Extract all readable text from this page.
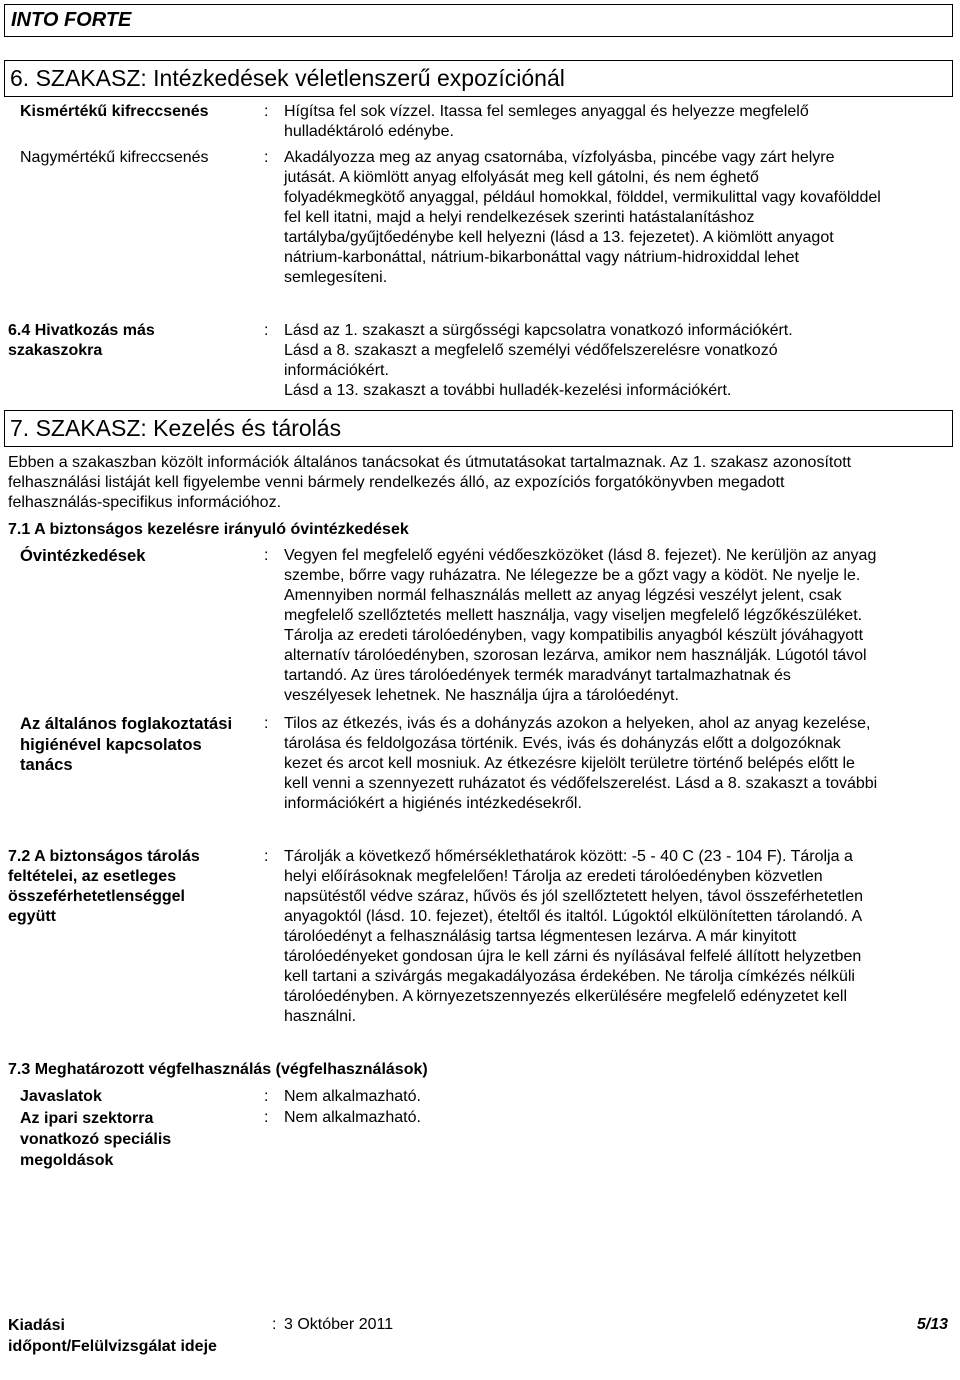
INTO FORTE
6. SZAKASZ: Intézkedések véletlenszerű expozíciónál
Kismértékű kifreccsenés	: Hígítsa fel sok vízzel. Itassa fel semleges anyaggal és helyezze megfelelő
hulladéktároló edénybe.
Nagymértékű kifreccsenés	: Akadályozza meg az anyag csatornába, vízfolyásba, pincébe vagy zárt helyre
jutását. A kiömlött anyag elfolyását meg kell gátolni, és nem éghető
folyadékmegkötő anyaggal, például homokkal, földdel, vermikulittal vagy kovafölddel
fel kell itatni, majd a helyi rendelkezések szerinti hatástalanításhoz
tartályba/gyűjtőedénybe kell helyezni (lásd a 13. fejezetet). A kiömlött anyagot
nátrium-karbonáttal, nátrium-bikarbonáttal vagy nátrium-hidroxiddal lehet
semlegesíteni.
6.4 Hivatkozás más
szakaszokra
: Lásd az 1. szakaszt a sürgősségi kapcsolatra vonatkozó információkért.
Lásd a 8. szakaszt a megfelelő személyi védőfelszerelésre vonatkozó
információkért.
Lásd a 13. szakaszt a további hulladék-kezelési információkért.
7. SZAKASZ: Kezelés és tárolás
Ebben a szakaszban közölt információk általános tanácsokat és útmutatásokat tartalmaznak. Az 1. szakasz azonosított
felhasználási listáját kell figyelembe venni bármely rendelkezés álló, az expozíciós forgatókönyvben megadott
felhasználás-specifikus információhoz.
7.1 A biztonságos kezelésre irányuló óvintézkedések
Óvintézkedések	: Vegyen fel megfelelő egyéni védőeszközöket (lásd 8. fejezet). Ne kerüljön az anyag
szembe, bőrre vagy ruházatra. Ne lélegezze be a gőzt vagy a ködöt. Ne nyelje le.
Amennyiben normál felhasználás mellett az anyag légzési veszélyt jelent, csak
megfelelő szellőztetés mellett használja, vagy viseljen megfelelő légzőkészüléket.
Tárolja az eredeti tárolóedényben, vagy kompatibilis anyagból készült jóváhagyott
alternatív tárolóedényben, szorosan lezárva, amikor nem használják. Lúgotól távol
tartandó. Az üres tárolóedények termék maradványt tartalmazhatnak és
veszélyesek lehetnek. Ne használja újra a tárolóedényt.
Az általános foglakoztatási
higiénével kapcsolatos
tanács
: Tilos az étkezés, ivás és a dohányzás azokon a helyeken, ahol az anyag kezelése,
tárolása és feldolgozása történik. Evés, ivás és dohányzás előtt a dolgozóknak
kezet és arcot kell mosniuk. Az étkezésre kijelölt területre történő belépés előtt le
kell venni a szennyezett ruházatot és védőfelszerelést. Lásd a 8. szakaszt a további
információkért a higiénés intézkedésekről.
7.2 A biztonságos tárolás
feltételei, az esetleges
összeférhetetlenséggel
együtt
: Tárolják a következő hőmérséklethatárok között: -5 - 40 C (23 - 104 F). Tárolja a
helyi előírásoknak megfelelően! Tárolja az eredeti tárolóedényben közvetlen
napsütéstől védve száraz, hűvös és jól szellőztetett helyen, távol összeférhetetlen
anyagoktól (lásd. 10. fejezet), ételtől és italtól. Lúgoktól elkülönítetten tárolandó. A
tárolóedényt a felhasználásig tartsa légmentesen lezárva. A már kinyitott
tárolóedényeket gondosan újra le kell zárni és nyílásával felfelé állított helyzetben
kell tartani a szivárgás megakadályozása érdekében. Ne tárolja címkézés nélküli
tárolóedényben. A környezetszennyezés elkerülésére megfelelő edényzetet kell
használni.
7.3 Meghatározott végfelhasználás (végfelhasználások)
Javaslatok	: Nem alkalmazható.
Az ipari szektorra
vonatkozó speciális
megoldások
: Nem alkalmazható.
Kiadási
időpont/Felülvizsgálat ideje
: 3 Október 2011	5/13
